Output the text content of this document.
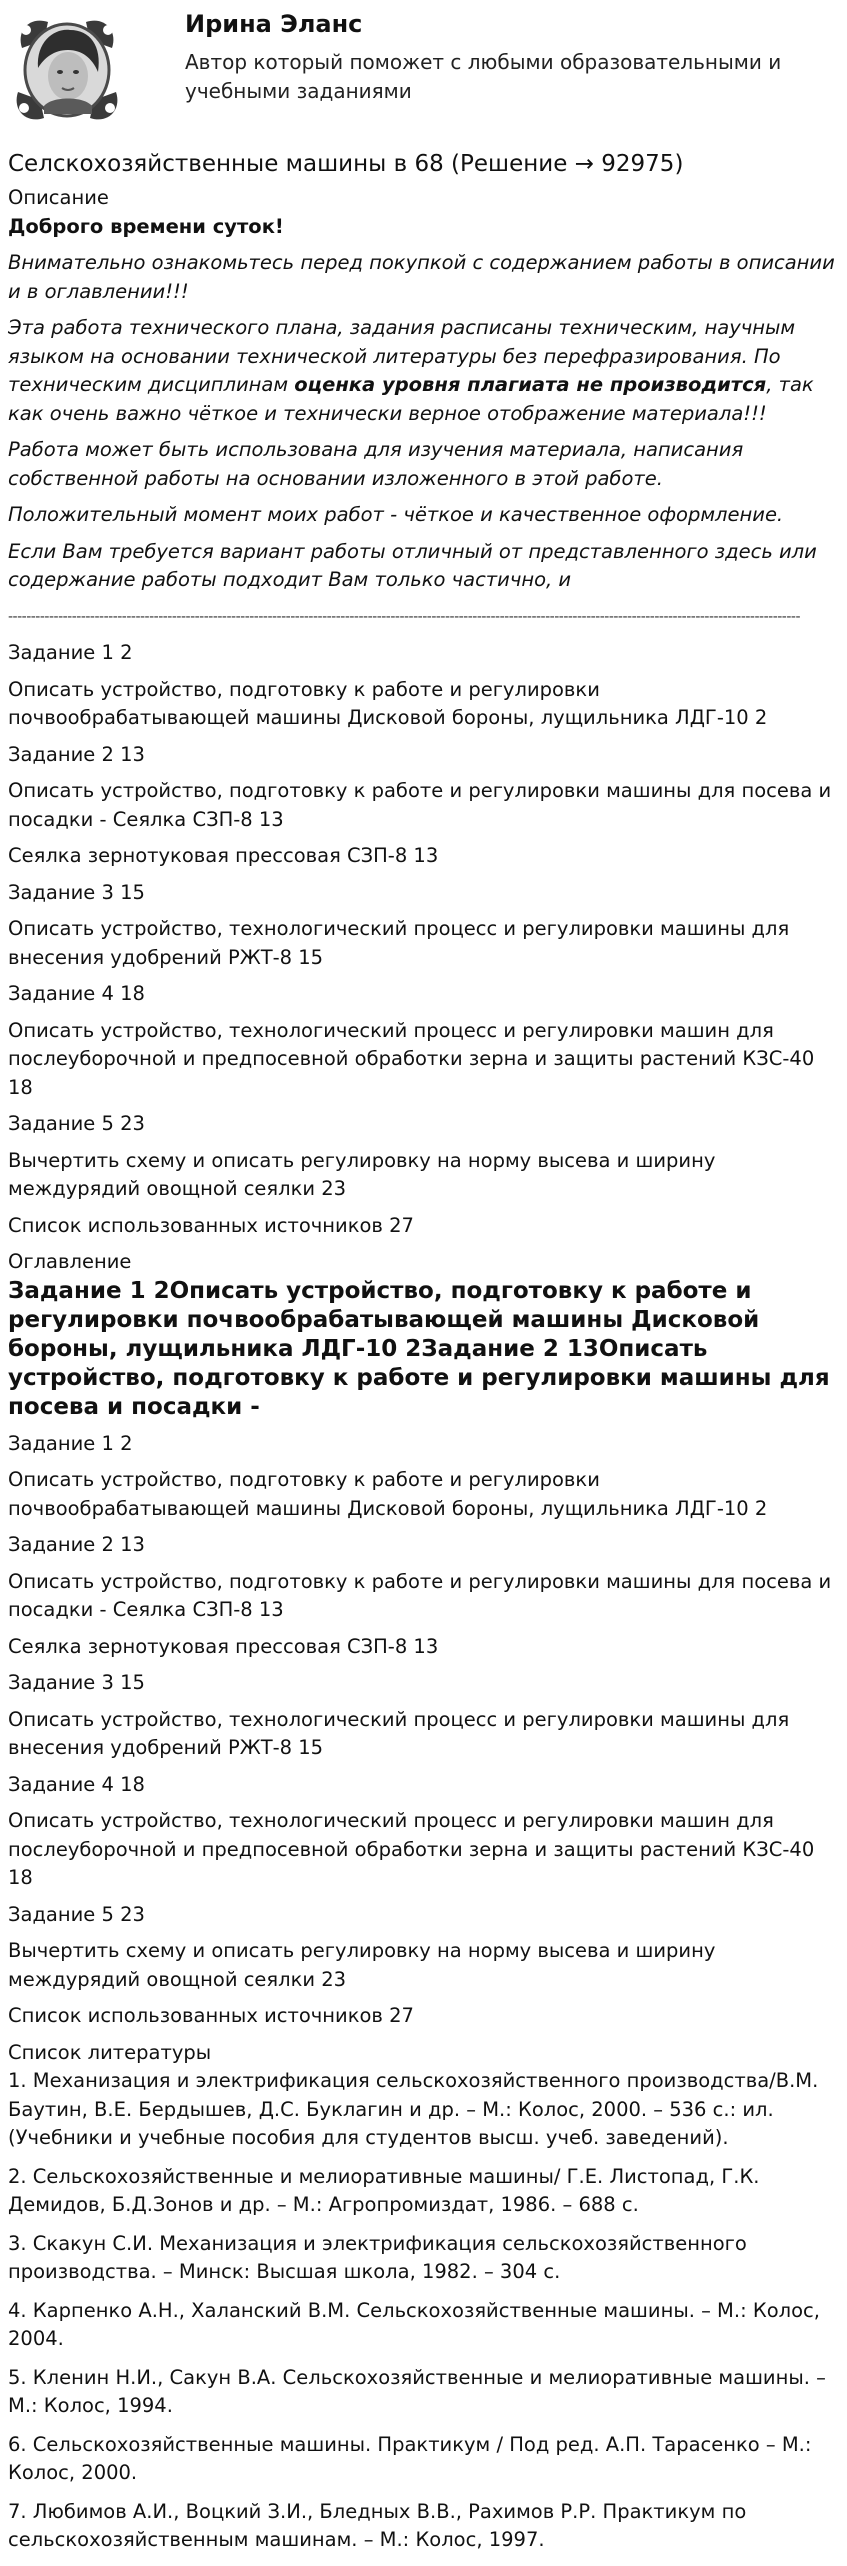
Ирина Эланс
Автор который поможет с любыми образовательными и учебными заданиями
Селскохозяйственные машины в 68 (Решение → 92975)
Описание
Доброго времени суток!
Внимательно ознакомьтесь перед покупкой с содержанием работы в описании и в оглавлении!!!
Эта работа технического плана, задания расписаны техническим, научным языком на основании технической литературы без перефразирования. По техническим дисциплинам оценка уровня плагиата не производится, так как очень важно чёткое и технически верное отображение материала!!!
Работа может быть использована для изучения материала, написания собственной работы на основании изложенного в этой работе.
Положительный момент моих работ - чёткое и качественное оформление.
Если Вам требуется вариант работы отличный от представленного здесь или содержание работы подходит Вам только частично, и
------------------------------------------------------------------------------------------------------------------------------------------------------------------------------
Задание 1 2
Описать устройство, подготовку к работе и регулировки почвообрабатывающей машины Дисковой бороны, лущильника ЛДГ-10 2
Задание 2 13
Описать устройство, подготовку к работе и регулировки машины для посева и посадки - Сеялка СЗП-8 13
Сеялка зернотуковая прессовая СЗП-8 13
Задание 3 15
Описать устройство, технологический процесс и регулировки машины для внесения удобрений РЖТ-8 15
Задание 4 18
Описать устройство, технологический процесс и регулировки машин для послеуборочной и предпосевной обработки зерна и защиты растений КЗС-40 18
Задание 5 23
Вычертить схему и описать регулировку на норму высева и ширину междурядий овощной сеялки 23
Список использованных источников 27
Оглавление
Задание 1 2Описать устройство, подготовку к работе и регулировки почвообрабатывающей машины Дисковой бороны, лущильника ЛДГ-10 2Задание 2 13Описать устройство, подготовку к работе и регулировки машины для посева и посадки -
Задание 1 2
Описать устройство, подготовку к работе и регулировки почвообрабатывающей машины Дисковой бороны, лущильника ЛДГ-10 2
Задание 2 13
Описать устройство, подготовку к работе и регулировки машины для посева и посадки - Сеялка СЗП-8 13
Сеялка зернотуковая прессовая СЗП-8 13
Задание 3 15
Описать устройство, технологический процесс и регулировки машины для внесения удобрений РЖТ-8 15
Задание 4 18
Описать устройство, технологический процесс и регулировки машин для послеуборочной и предпосевной обработки зерна и защиты растений КЗС-40 18
Задание 5 23
Вычертить схему и описать регулировку на норму высева и ширину междурядий овощной сеялки 23
Список использованных источников 27
Список литературы
1. Механизация и электрификация сельскохозяйственного производства/В.М. Баутин, В.Е. Бердышев, Д.С. Буклагин и др. – М.: Колос, 2000. – 536 с.: ил. (Учебники и учебные пособия для студентов высш. учеб. заведений).
2. Сельскохозяйственные и мелиоративные машины/ Г.Е. Листопад, Г.К. Демидов, Б.Д.Зонов и др. – М.: Агропромиздат, 1986. – 688 с.
3. Скакун С.И. Механизация и электрификация сельскохозяйственного производства. – Минск: Высшая школа, 1982. – 304 с.
4. Карпенко А.Н., Халанский В.М. Сельскохозяйственные машины. – М.: Колос, 2004.
5. Кленин Н.И., Сакун В.А. Сельскохозяйственные и мелиоративные машины. – М.: Колос, 1994.
6. Сельскохозяйственные машины. Практикум / Под ред. А.П. Тарасенко – М.: Колос, 2000.
7. Любимов А.И., Воцкий З.И., Бледных В.В., Рахимов Р.Р. Практикум по сельскохозяйственным машинам. – М.: Колос, 1997.
